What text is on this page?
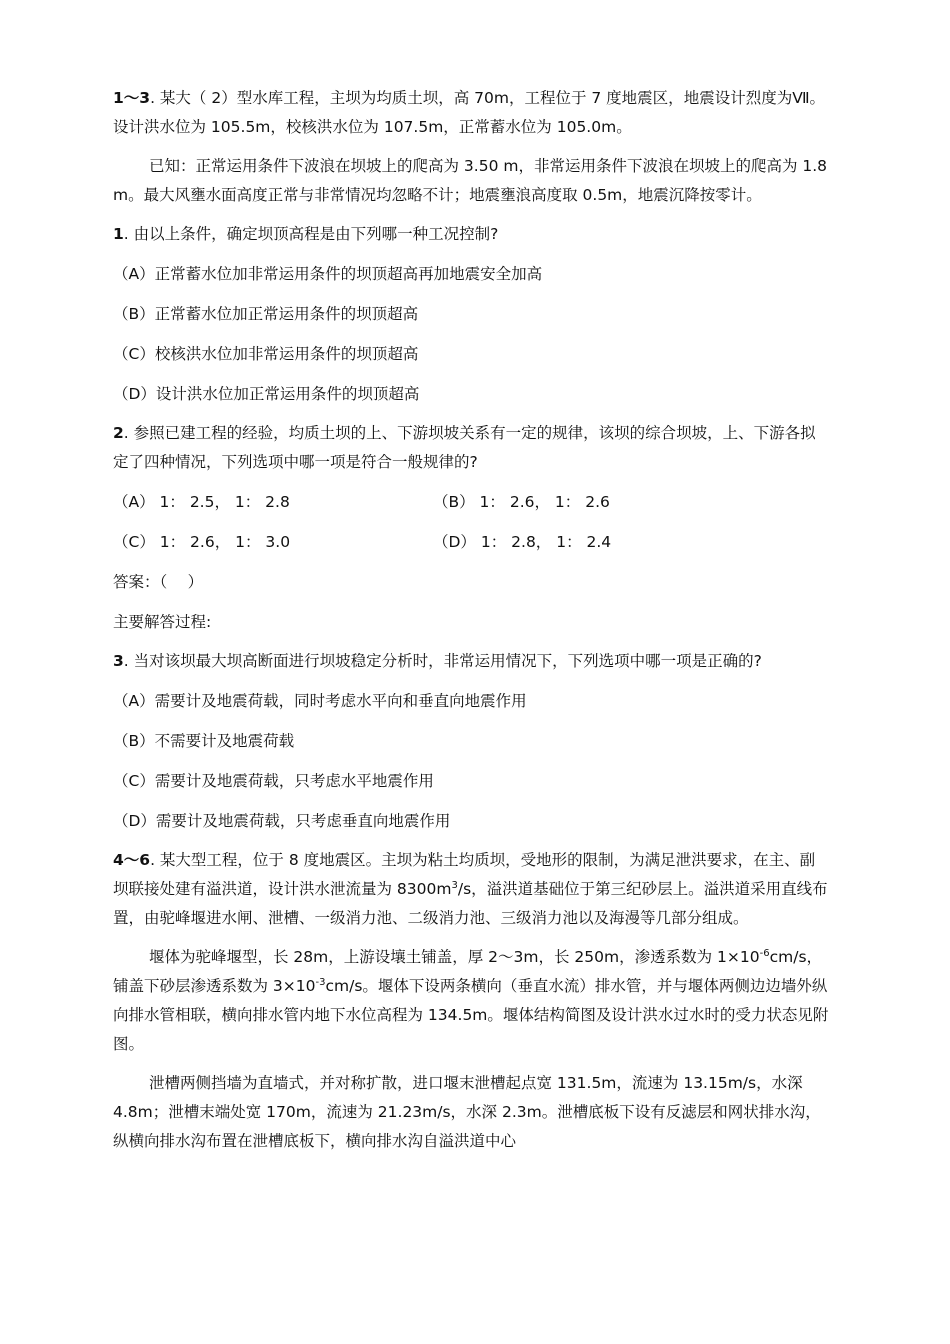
1～3. 某大（ 2）型水库工程，主坝为均质土坝，高 70m，工程位于 7 度地震区，地震设计烈度为Ⅶ。设计洪水位为 105.5m，校核洪水位为 107.5m，正常蓄水位为 105.0m。

已知：正常运用条件下波浪在坝坡上的爬高为 3.50 m，非常运用条件下波浪在坝坡上的爬高为 1.8 m。最大风壅水面高度正常与非常情况均忽略不计；地震壅浪高度取 0.5m，地震沉降按零计。

1. 由以上条件，确定坝顶高程是由下列哪一种工况控制?

（A）正常蓄水位加非常运用条件的坝顶超高再加地震安全加高

（B）正常蓄水位加正常运用条件的坝顶超高

（C）校核洪水位加非常运用条件的坝顶超高

（D）设计洪水位加正常运用条件的坝顶超高

2. 参照已建工程的经验，均质土坝的上、下游坝坡关系有一定的规律，该坝的综合坝坡，上、下游各拟定了四种情况，下列选项中哪一项是符合一般规律的?

（A） 1： 2.5， 1： 2.8	（B） 1： 2.6， 1： 2.6
（C） 1： 2.6， 1： 3.0	（D） 1： 2.8， 1： 2.4

答案：（　 ）

主要解答过程:

3. 当对该坝最大坝高断面进行坝坡稳定分析时，非常运用情况下，下列选项中哪一项是正确的?

（A）需要计及地震荷载，同时考虑水平向和垂直向地震作用

（B）不需要计及地震荷载

（C）需要计及地震荷载，只考虑水平地震作用

（D）需要计及地震荷载，只考虑垂直向地震作用

4～6. 某大型工程，位于 8 度地震区。主坝为粘土均质坝，受地形的限制，为满足泄洪要求，在主、副坝联接处建有溢洪道，设计洪水泄流量为 $8300m^3/s$，溢洪道基础位于第三纪砂层上。溢洪道采用直线布置，由驼峰堰进水闸、泄槽、一级消力池、二级消力池、三级消力池以及海漫等几部分组成。

堰体为驼峰堰型，长 28m，上游设壤土铺盖，厚 2～3m，长 250m，渗透系数为 $1\times 10^{-6}cm/s$，铺盖下砂层渗透系数为 $3\times 10^{-3}cm/s$。堰体下设两条横向（垂直水流）排水管，并与堰体两侧边边墙外纵向排水管相联，横向排水管内地下水位高程为 134.5m。堰体结构简图及设计洪水过水时的受力状态见附图。

泄槽两侧挡墙为直墙式，并对称扩散，进口堰末泄槽起点宽 131.5m，流速为 13.15m/s，水深 4.8m；泄槽末端处宽 170m，流速为 21.23m/s，水深 2.3m。泄槽底板下设有反滤层和网状排水沟，纵横向排水沟布置在泄槽底板下，横向排水沟自溢洪道中心
